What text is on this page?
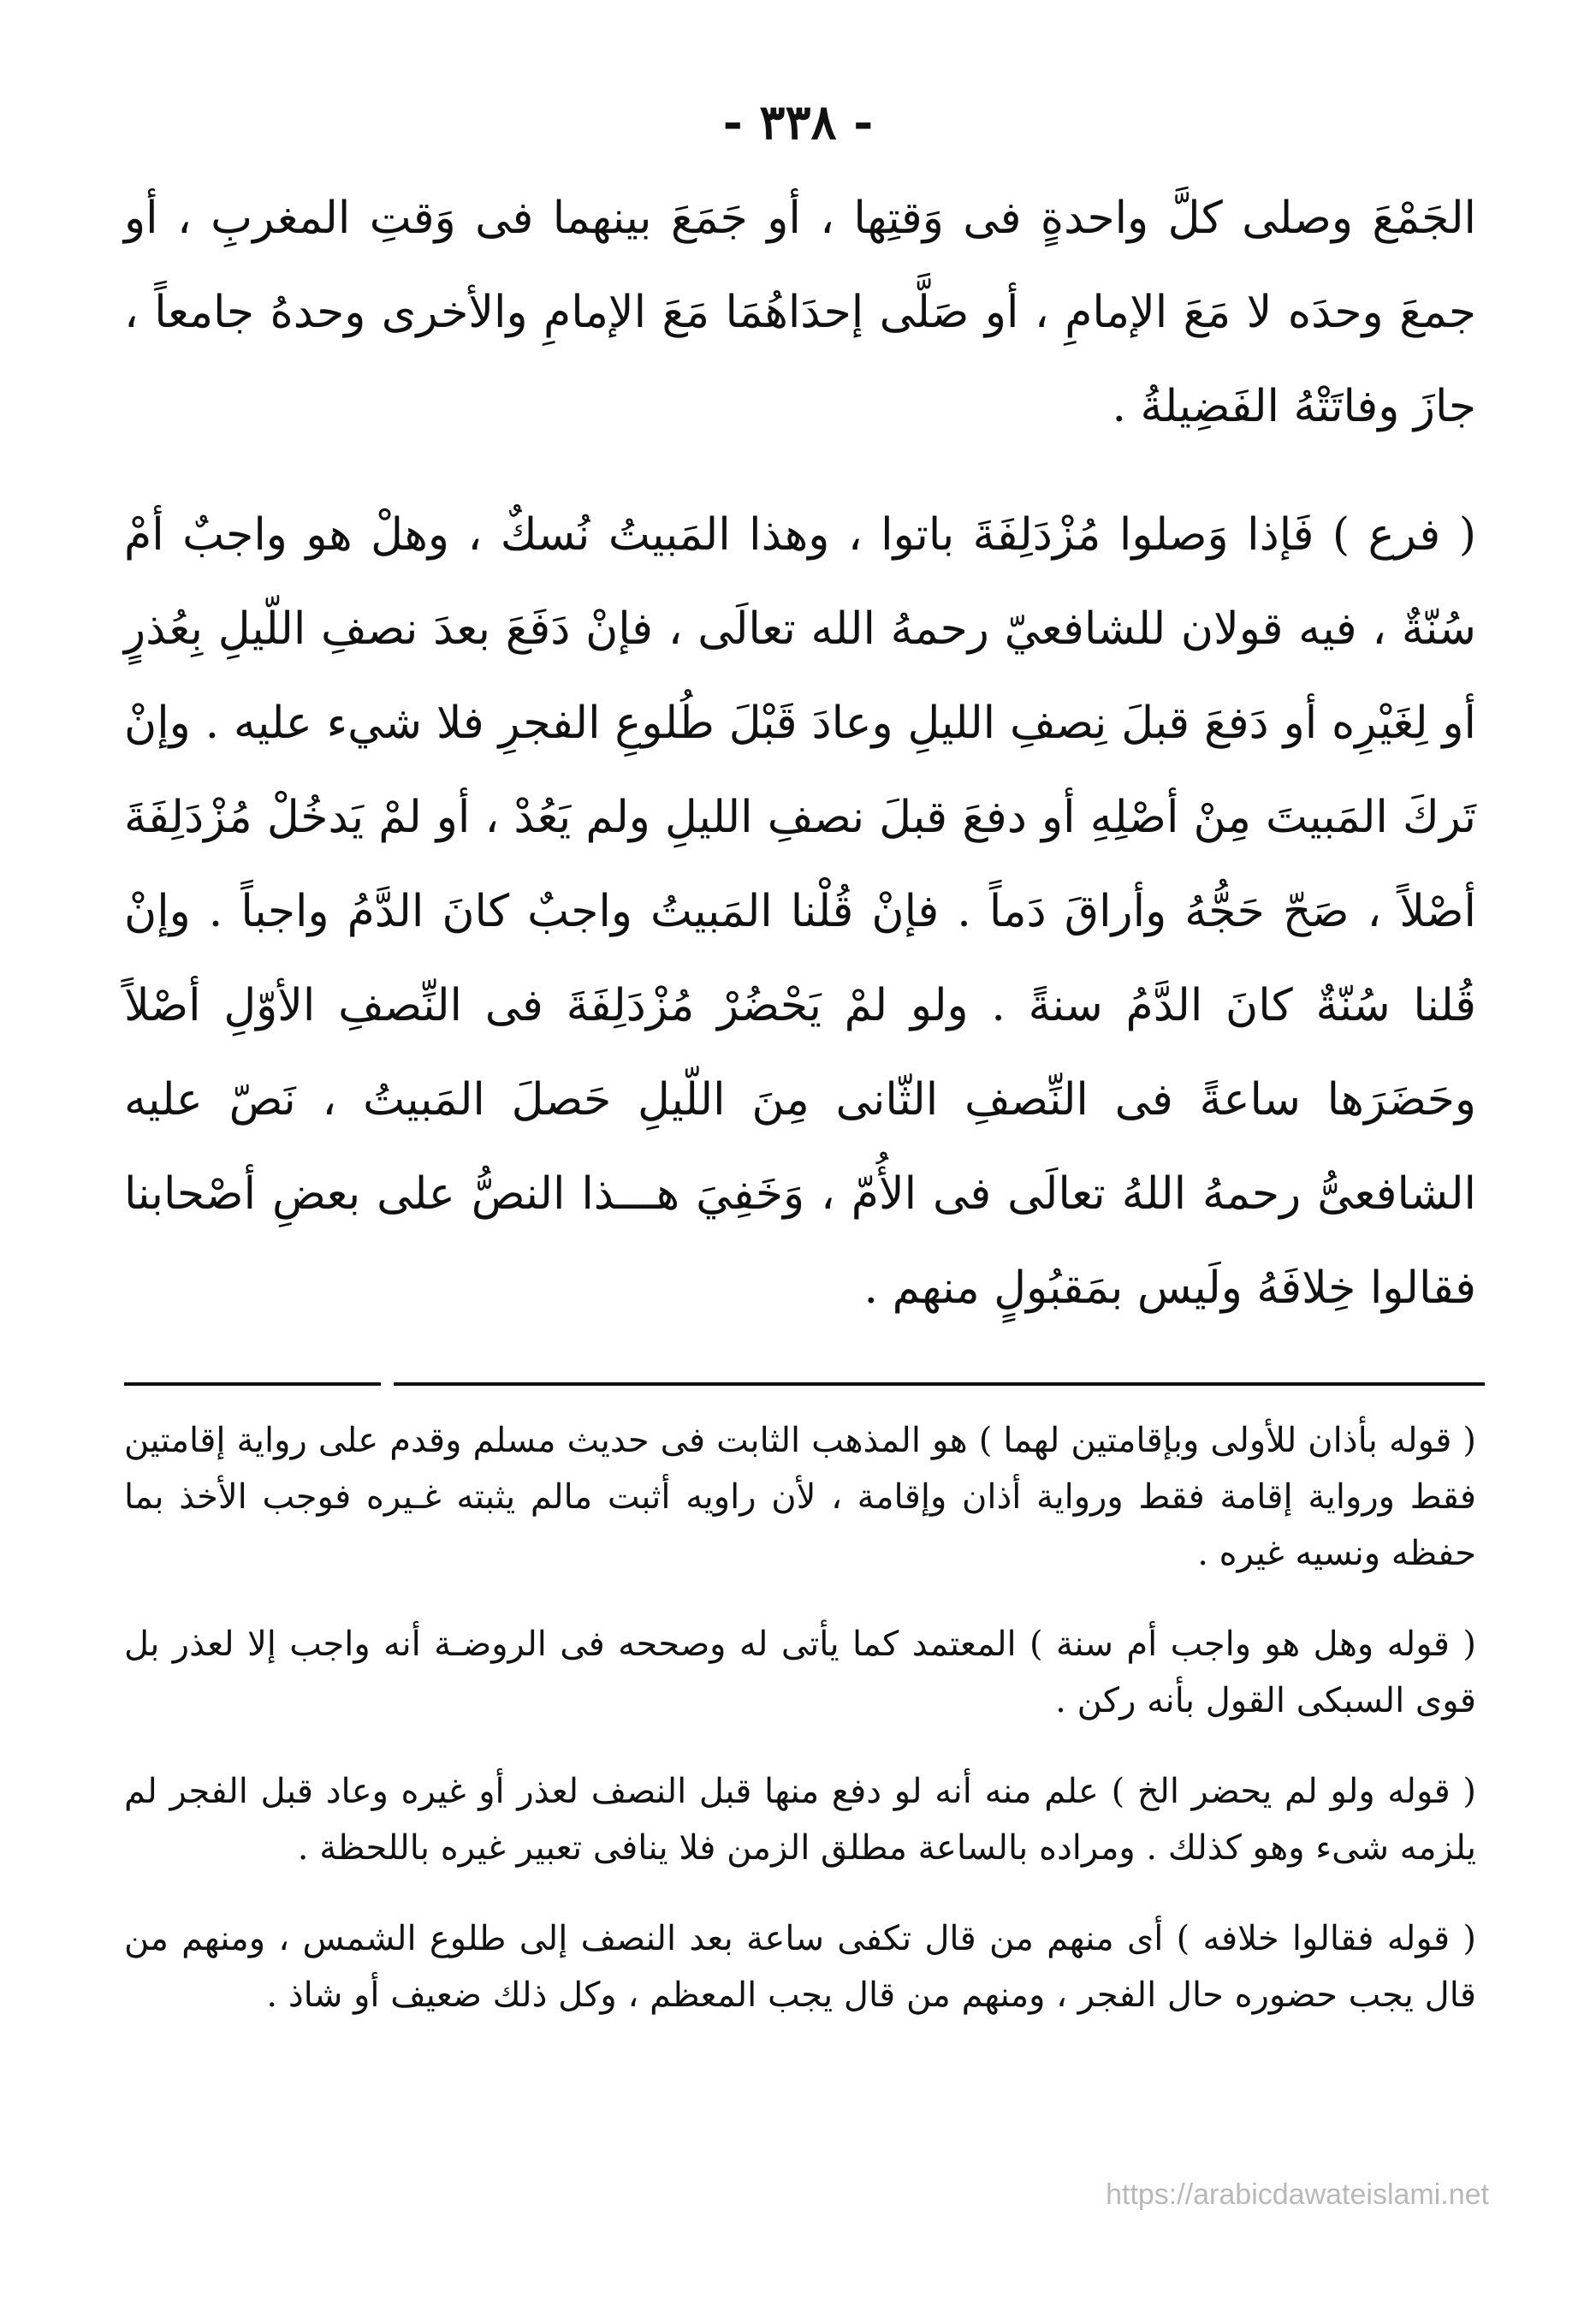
- ٣٣٨ -

الجَمْعَ وصلى كلَّ واحدةٍ فى وَقتِها ، أو جَمَعَ بينهما فى وَقتِ المغربِ ، أو جمعَ وحدَه لا مَعَ الإمامِ ، أو صَلَّى إحدَاهُمَا مَعَ الإمامِ والأخرى وحدهُ جامعاً ، جازَ وفاتَتْهُ الفَضِيلةُ .

( فرع ) فَإذا وَصلوا مُزْدَلِفَةَ باتوا ، وهذا المَبيتُ نُسكٌ ، وهلْ هو واجبٌ أمْ سُنّةٌ ، فيه قولان للشافعيّ رحمهُ الله تعالَى ، فإنْ دَفَعَ بعدَ نصفِ اللّيلِ بِعُذرٍ أو لِغَيْرِه أو دَفعَ قبلَ نِصفِ الليلِ وعادَ قَبْلَ طُلوعِ الفجرِ فلا شيء عليه . وإنْ تَركَ المَبيتَ مِنْ أصْلِهِ أو دفعَ قبلَ نصفِ الليلِ ولم يَعُدْ ، أو لمْ يَدخُلْ مُزْدَلِفَةَ أصْلاً ، صَحّ حَجُّهُ وأراقَ دَماً . فإنْ قُلْنا المَبيتُ واجبٌ كانَ الدَّمُ واجباً . وإنْ قُلنا سُنّةٌ كانَ الدَّمُ سنةً . ولو لمْ يَحْضُرْ مُزْدَلِفَةَ فى النِّصفِ الأوّلِ أصْلاً وحَضَرَها ساعةً فى النِّصفِ الثّانى مِنَ اللّيلِ حَصلَ المَبيتُ ، نَصّ عليه الشافعىُّ رحمهُ اللهُ تعالَى فى الأُمّ ، وَخَفِيَ هـــذا النصُّ على بعضِ أصْحابنا فقالوا خِلافَهُ ولَيس بمَقبُولٍ منهم .

( قوله بأذان للأولى وبإقامتين لهما ) هو المذهب الثابت فى حديث مسلم وقدم على رواية إقامتين فقط ورواية إقامة فقط ورواية أذان وإقامة ، لأن راويه أثبت مالم يثبته غـيره فوجب الأخذ بما حفظه ونسيه غيره .

( قوله وهل هو واجب أم سنة ) المعتمد كما يأتى له وصححه فى الروضـة أنه واجب إلا لعذر بل قوى السبكى القول بأنه ركن .

( قوله ولو لم يحضر الخ ) علم منه أنه لو دفع منها قبل النصف لعذر أو غيره وعاد قبل الفجر لم يلزمه شىء وهو كذلك . ومراده بالساعة مطلق الزمن فلا ينافى تعبير غيره باللحظة .

( قوله فقالوا خلافه ) أى منهم من قال تكفى ساعة بعد النصف إلى طلوع الشمس ، ومنهم من قال يجب حضوره حال الفجر ، ومنهم من قال يجب المعظم ، وكل ذلك ضعيف أو شاذ .

https://arabicdawateislami.net
